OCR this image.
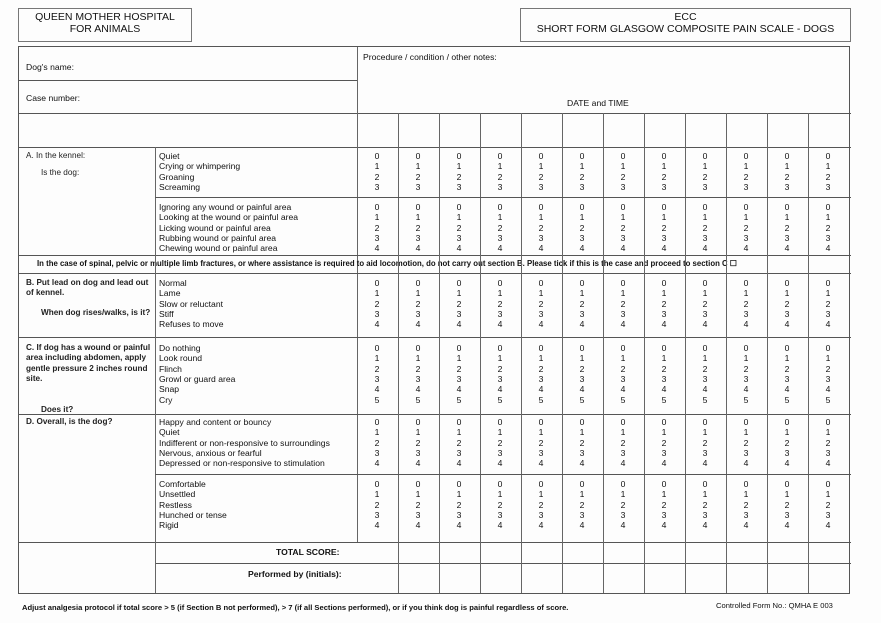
QUEEN MOTHER HOSPITAL
FOR ANIMALS
ECC
SHORT FORM GLASGOW COMPOSITE PAIN SCALE - DOGS
Dog's name:
Case number:
Procedure / condition / other notes:
DATE and TIME
A. In the kennel:
Is the dog:
In the case of spinal, pelvic or multiple limb fractures, or where assistance is required to aid locomotion, do not carry out section B. Please tick if this is the case and proceed to section C ☐
B. Put lead on dog and lead out of kennel.
When dog rises/walks, is it?
C. If dog has a wound or painful area including abdomen, apply gentle pressure 2 inches round site.
Does it?
D. Overall, is the dog?
TOTAL SCORE:
Performed by (initials):
Quiet
Crying or whimpering
Groaning
Screaming
0
1
2
3
0
1
2
3
0
1
2
3
0
1
2
3
0
1
2
3
0
1
2
3
0
1
2
3
0
1
2
3
0
1
2
3
0
1
2
3
0
1
2
3
0
1
2
3
Ignoring any wound or painful area
Looking at the wound or painful area
Licking wound or painful area
Rubbing wound or painful area
Chewing wound or painful area
0
1
2
3
4
0
1
2
3
4
0
1
2
3
4
0
1
2
3
4
0
1
2
3
4
0
1
2
3
4
0
1
2
3
4
0
1
2
3
4
0
1
2
3
4
0
1
2
3
4
0
1
2
3
4
0
1
2
3
4
Normal
Lame
Slow or reluctant
Stiff
Refuses to move
0
1
2
3
4
0
1
2
3
4
0
1
2
3
4
0
1
2
3
4
0
1
2
3
4
0
1
2
3
4
0
1
2
3
4
0
1
2
3
4
0
1
2
3
4
0
1
2
3
4
0
1
2
3
4
0
1
2
3
4
Do nothing
Look round
Flinch
Growl or guard area
Snap
Cry
0
1
2
3
4
5
0
1
2
3
4
5
0
1
2
3
4
5
0
1
2
3
4
5
0
1
2
3
4
5
0
1
2
3
4
5
0
1
2
3
4
5
0
1
2
3
4
5
0
1
2
3
4
5
0
1
2
3
4
5
0
1
2
3
4
5
0
1
2
3
4
5
Happy and content or bouncy
Quiet
Indifferent or non-responsive to surroundings
Nervous, anxious or fearful
Depressed or non-responsive to stimulation
0
1
2
3
4
0
1
2
3
4
0
1
2
3
4
0
1
2
3
4
0
1
2
3
4
0
1
2
3
4
0
1
2
3
4
0
1
2
3
4
0
1
2
3
4
0
1
2
3
4
0
1
2
3
4
0
1
2
3
4
Comfortable
Unsettled
Restless
Hunched or tense
Rigid
0
1
2
3
4
0
1
2
3
4
0
1
2
3
4
0
1
2
3
4
0
1
2
3
4
0
1
2
3
4
0
1
2
3
4
0
1
2
3
4
0
1
2
3
4
0
1
2
3
4
0
1
2
3
4
0
1
2
3
4
Adjust analgesia protocol if total score > 5 (if Section B not performed), > 7 (if all Sections performed), or if you think dog is painful regardless of score.	Controlled Form No.: QMHA E 003
